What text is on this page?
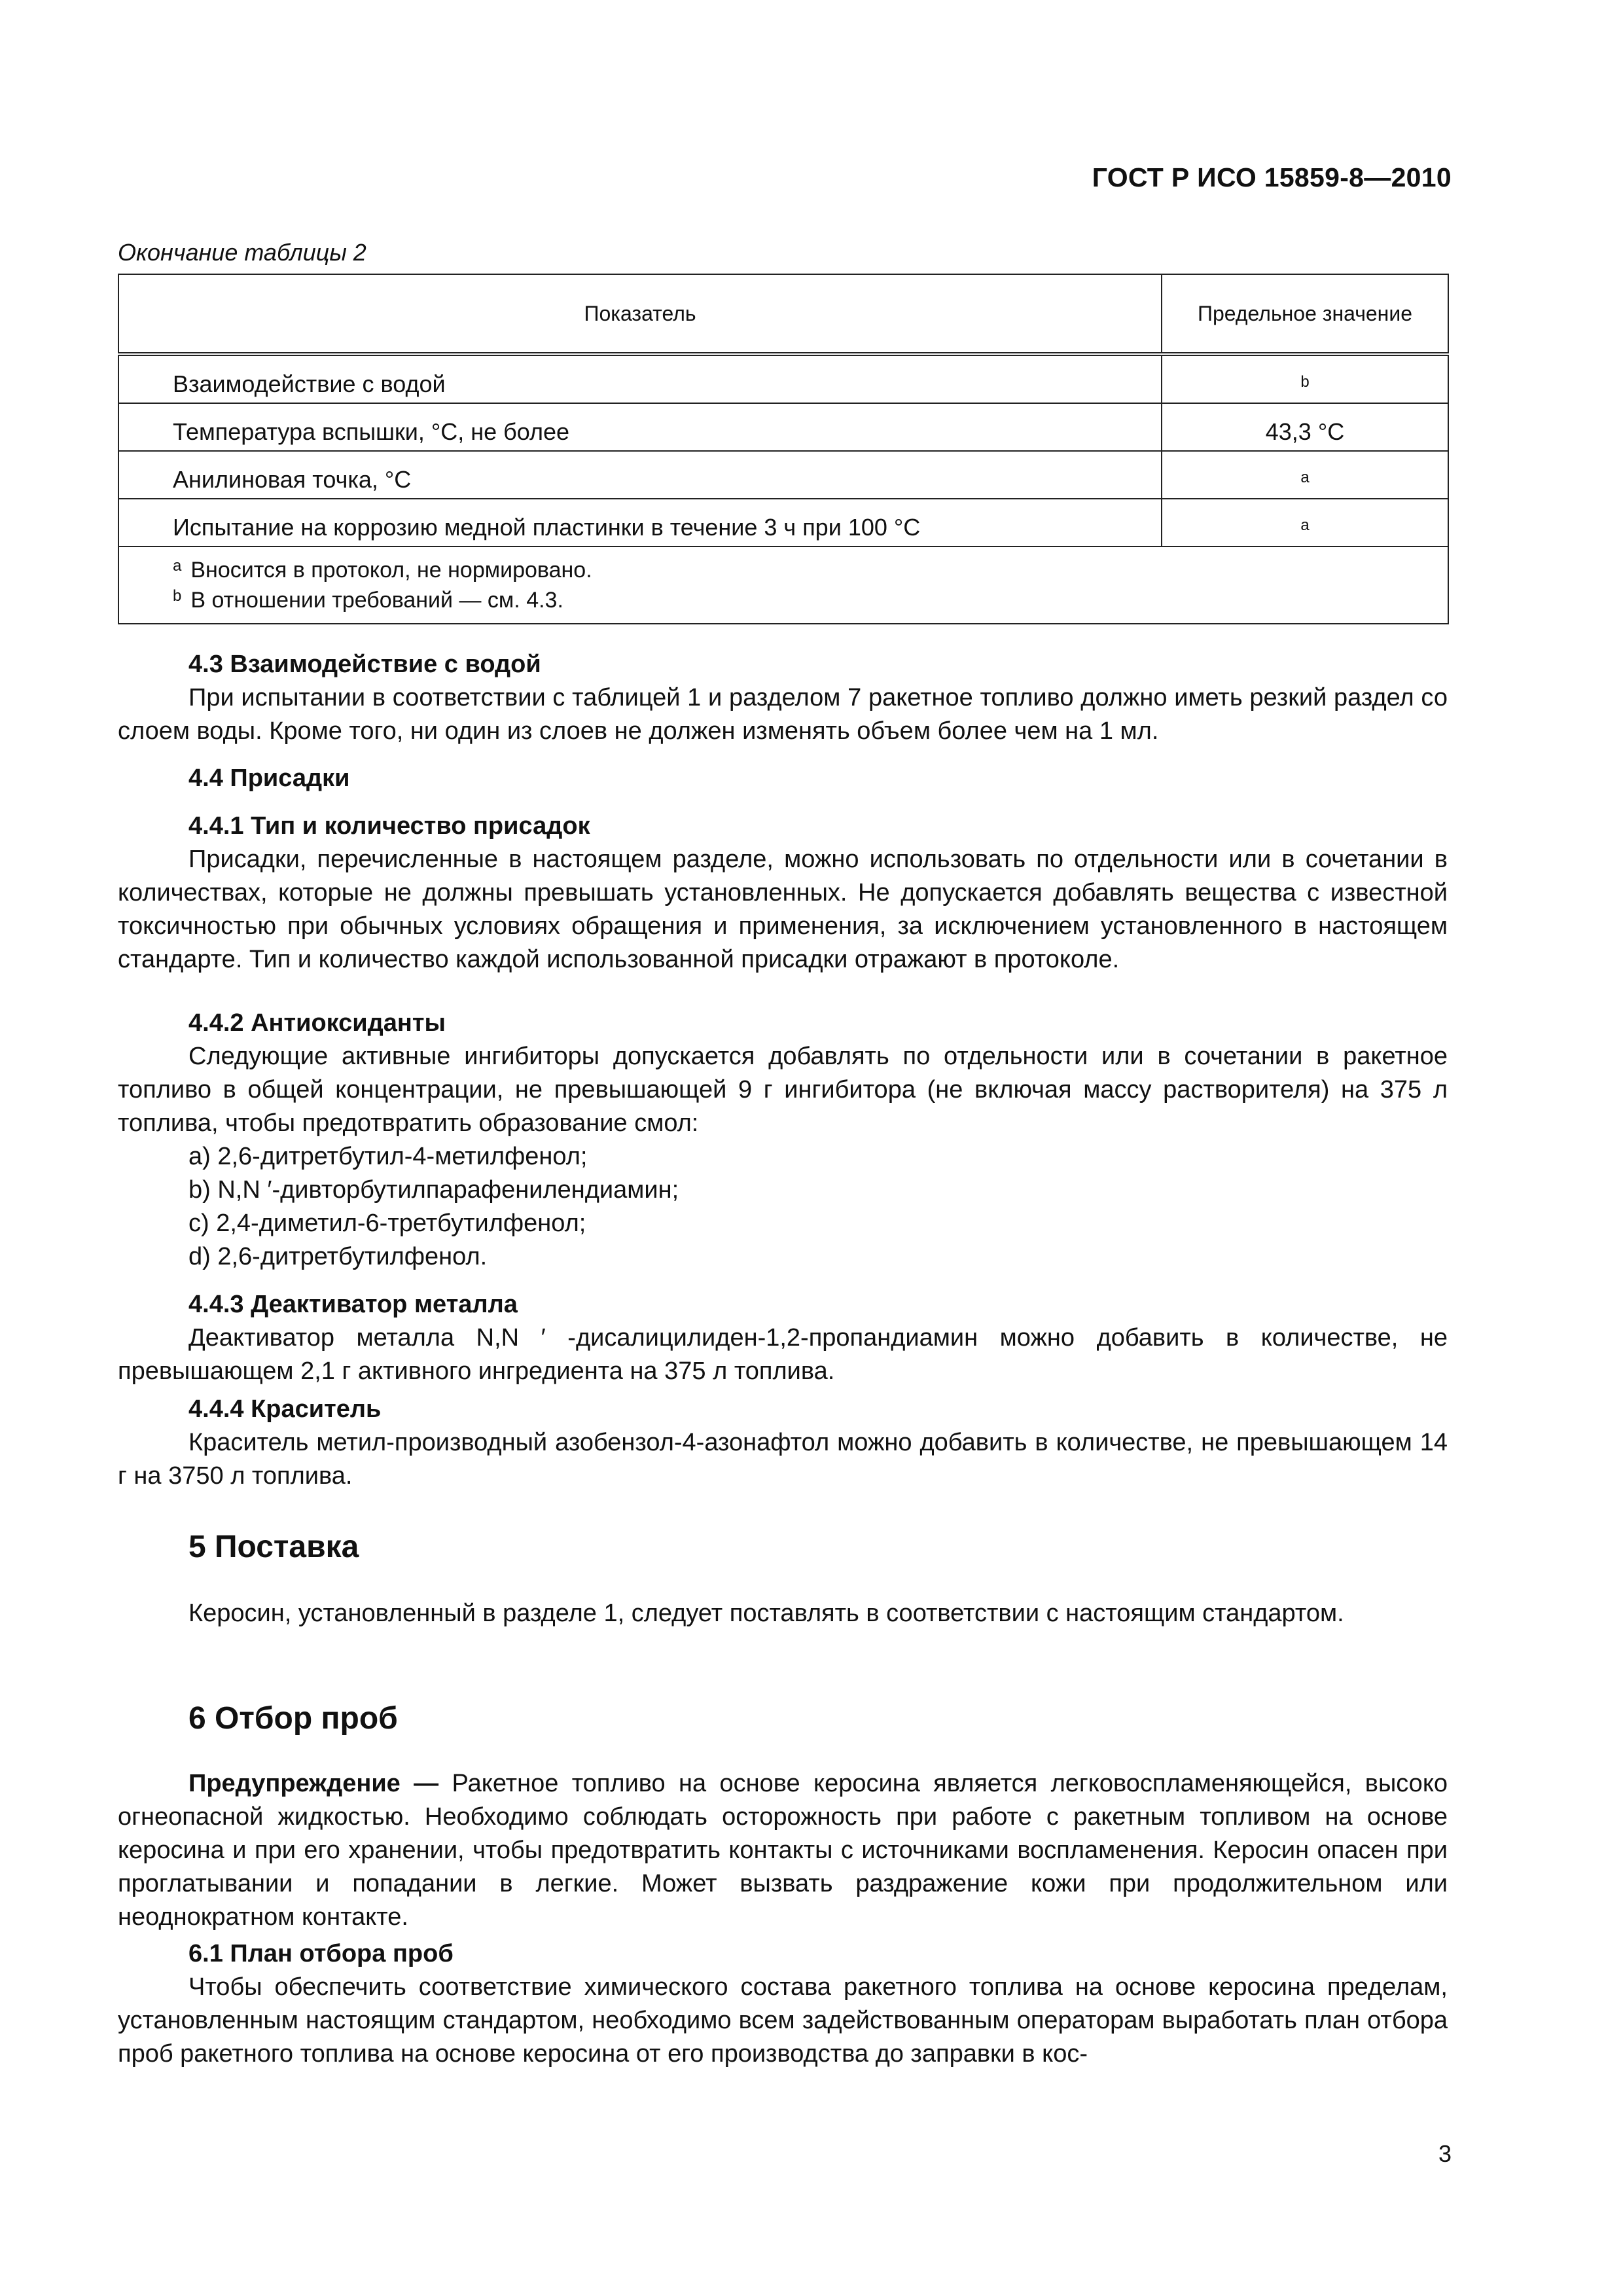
ГОСТ Р ИСО 15859-8—2010
Окончание таблицы 2
Показатель	Предельное значение
Взаимодействие с водой	b
Температура вспышки, °C, не более	43,3 °C
Анилиновая точка, °C	a
Испытание на коррозию медной пластинки в течение 3 ч при 100 °C	a

$^a$ Вносится в протокол, не нормировано.
$^b$ В отношении требований — см. 4.3.	

4.3 Взаимодействие с водой

При испытании в соответствии с таблицей 1 и разделом 7 ракетное топливо должно иметь резкий раздел со слоем воды. Кроме того, ни один из слоев не должен изменять объем более чем на 1 мл.

4.4 Присадки

4.4.1 Тип и количество присадок

Присадки, перечисленные в настоящем разделе, можно использовать по отдельности или в сочетании в количествах, которые не должны превышать установленных. Не допускается добавлять вещества с известной токсичностью при обычных условиях обращения и применения, за исключением установленного в настоящем стандарте. Тип и количество каждой использованной присадки отражают в протоколе.

4.4.2 Антиоксиданты

Следующие активные ингибиторы допускается добавлять по отдельности или в сочетании в ракетное топливо в общей концентрации, не превышающей 9 г ингибитора (не включая массу растворителя) на 375 л топлива, чтобы предотвратить образование смол:

a) 2,6-дитретбутил-4-метилфенол;

b) N,N ′-дивторбутилпарафенилендиамин;

c) 2,4-диметил-6-третбутилфенол;

d) 2,6-дитретбутилфенол.

4.4.3 Деактиватор металла

Деактиватор металла N,N ′ -дисалицилиден-1,2-пропандиамин можно добавить в количестве, не превышающем 2,1 г активного ингредиента на 375 л топлива.

4.4.4 Краситель

Краситель метил-производный азобензол-4-азонафтол можно добавить в количестве, не превышающем 14 г на 3750 л топлива.

5 Поставка

Керосин, установленный в разделе 1, следует поставлять в соответствии с настоящим стандартом.

6 Отбор проб

Предупреждение — Ракетное топливо на основе керосина является легковоспламеняющейся, высоко огнеопасной жидкостью. Необходимо соблюдать осторожность при работе с ракетным топливом на основе керосина и при его хранении, чтобы предотвратить контакты с источниками воспламенения. Керосин опасен при проглатывании и попадании в легкие. Может вызвать раздражение кожи при продолжительном или неоднократном контакте.

6.1 План отбора проб

Чтобы обеспечить соответствие химического состава ракетного топлива на основе керосина пределам, установленным настоящим стандартом, необходимо всем задействованным операторам выработать план отбора проб ракетного топлива на основе керосина от его производства до заправки в кос-

3
